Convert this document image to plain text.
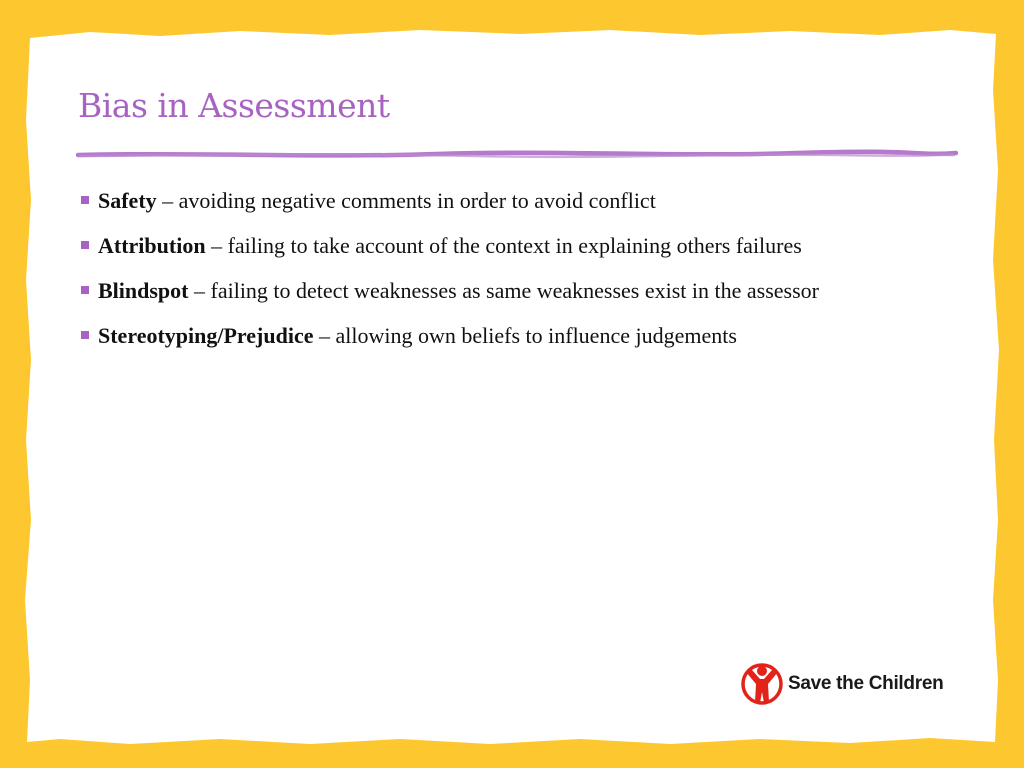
Bias in Assessment
Safety – avoiding negative comments in order to avoid conflict
Attribution – failing to take account of the context in explaining others failures
Blindspot – failing to detect weaknesses as same weaknesses exist in the assessor
Stereotyping/Prejudice – allowing own beliefs to influence judgements
Save the Children
